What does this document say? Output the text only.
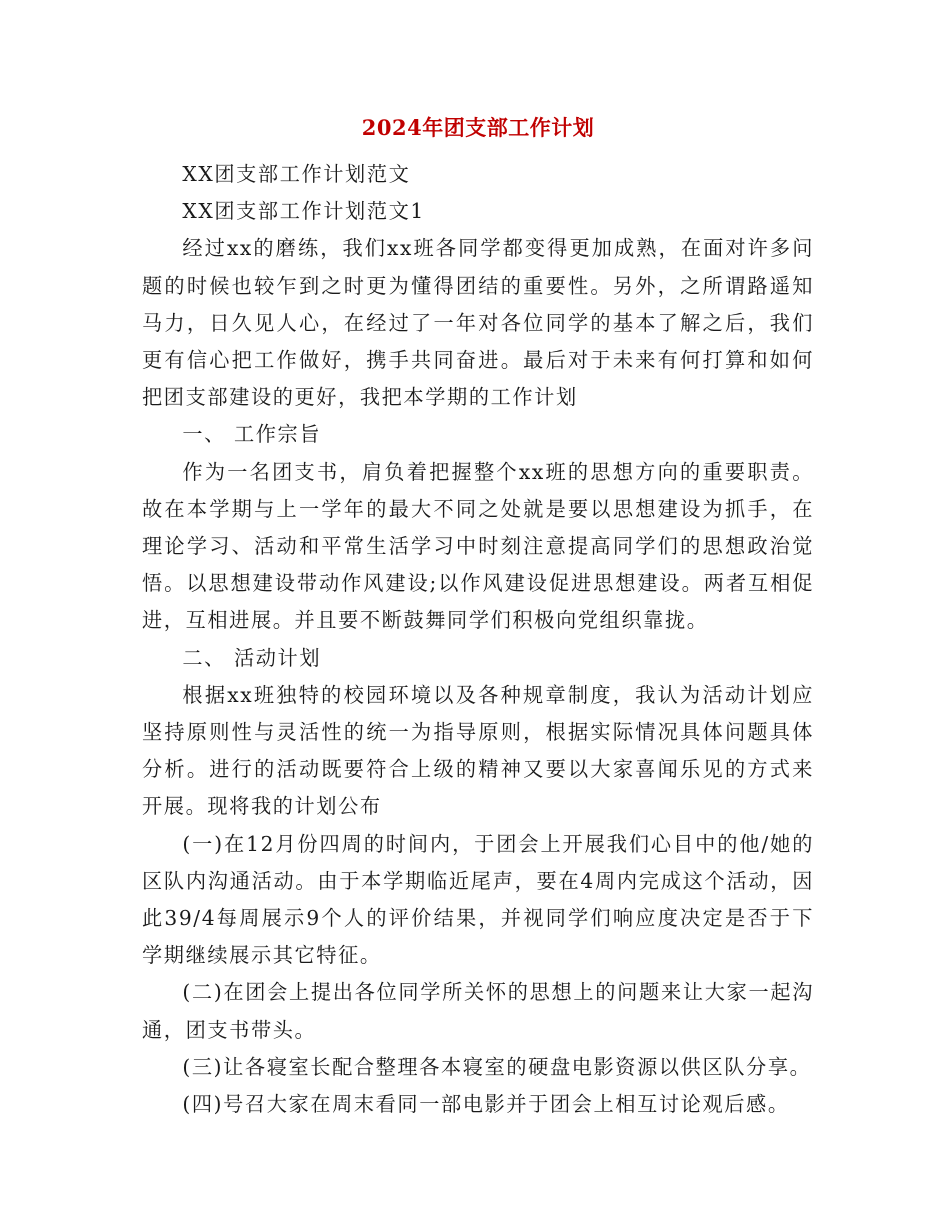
2024年团支部工作计划

XX团支部工作计划范文

XX团支部工作计划范文1

经过xx的磨练，我们xx班各同学都变得更加成熟，在面对许多问题的时候也较乍到之时更为懂得团结的重要性。另外，之所谓路遥知马力，日久见人心，在经过了一年对各位同学的基本了解之后，我们更有信心把工作做好，携手共同奋进。最后对于未来有何打算和如何把团支部建设的更好，我把本学期的工作计划

一、 工作宗旨

作为一名团支书，肩负着把握整个xx班的思想方向的重要职责。故在本学期与上一学年的最大不同之处就是要以思想建设为抓手，在理论学习、活动和平常生活学习中时刻注意提高同学们的思想政治觉悟。以思想建设带动作风建设;以作风建设促进思想建设。两者互相促进，互相进展。并且要不断鼓舞同学们积极向党组织靠拢。

二、 活动计划

根据xx班独特的校园环境以及各种规章制度，我认为活动计划应坚持原则性与灵活性的统一为指导原则，根据实际情况具体问题具体分析。进行的活动既要符合上级的精神又要以大家喜闻乐见的方式来开展。现将我的计划公布

(一)在12月份四周的时间内，于团会上开展我们心目中的他/她的区队内沟通活动。由于本学期临近尾声，要在4周内完成这个活动，因此39/4每周展示9个人的评价结果，并视同学们响应度决定是否于下学期继续展示其它特征。

(二)在团会上提出各位同学所关怀的思想上的问题来让大家一起沟通，团支书带头。

(三)让各寝室长配合整理各本寝室的硬盘电影资源以供区队分享。

(四)号召大家在周末看同一部电影并于团会上相互讨论观后感。
